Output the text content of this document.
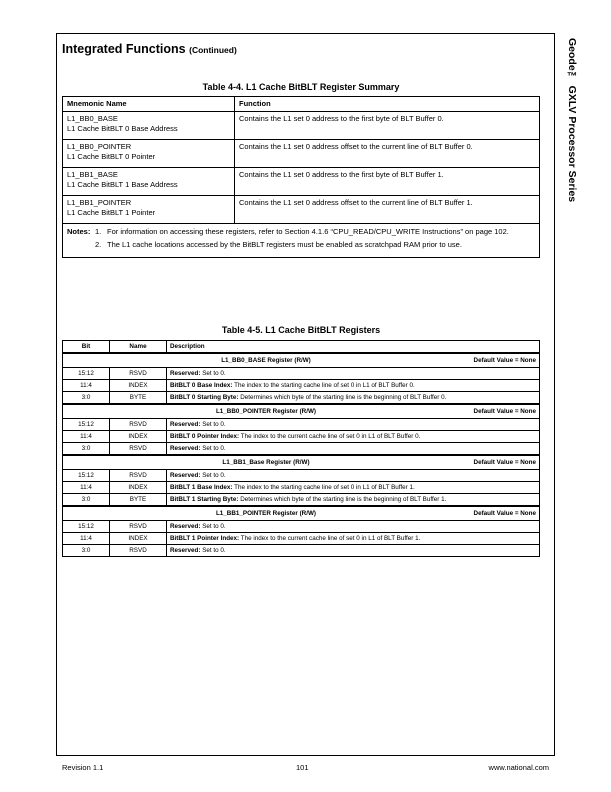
Integrated Functions (Continued)	Geode™ GXLV Processor Series
Table 4-4. L1 Cache BitBLT Register Summary
Mnemonic Name	Function

L1_BB0_BASE
L1 Cache BitBLT 0 Base Address	Contains the L1 set 0 address to the first byte of BLT Buffer 0.

L1_BB0_POINTER
L1 Cache BitBLT 0 Pointer	Contains the L1 set 0 address offset to the current line of BLT Buffer 0.

L1_BB1_BASE
L1 Cache BitBLT 1 Base Address	Contains the L1 set 0 address to the first byte of BLT Buffer 1.

L1_BB1_POINTER
L1 Cache BitBLT 1 Pointer	Contains the L1 set 0 address offset to the current line of BLT Buffer 1.

Notes: 1. For information on accessing these registers, refer to Section 4.1.6 “CPU_READ/CPU_WRITE Instructions” on page 102.
2. The L1 cache locations accessed by the BitBLT registers must be enabled as scratchpad RAM prior to use.	
Table 4-5. L1 Cache BitBLT Registers
Bit	Name	Description
L1_BB0_BASE Register (R/W) Default Value = None		

15:12	RSVD	Reserved: Set to 0.
11:4	INDEX	BitBLT 0 Base Index: The index to the starting cache line of set 0 in L1 of BLT Buffer 0.
3:0	BYTE	BitBLT 0 Starting Byte: Determines which byte of the starting line is the beginning of BLT Buffer 0.
L1_BB0_POINTER Register (R/W) Default Value = None		

15:12	RSVD	Reserved: Set to 0.
11:4	INDEX	BitBLT 0 Pointer Index: The index to the current cache line of set 0 in L1 of BLT Buffer 0.
3:0	RSVD	Reserved: Set to 0.
L1_BB1_Base Register (R/W) Default Value = None		

15:12	RSVD	Reserved: Set to 0.
11:4	INDEX	BitBLT 1 Base Index: The index to the starting cache line of set 0 in L1 of BLT Buffer 1.
3:0	BYTE	BitBLT 1 Starting Byte: Determines which byte of the starting line is the beginning of BLT Buffer 1.
L1_BB1_POINTER Register (R/W) Default Value = None		

15:12	RSVD	Reserved: Set to 0.
11:4	INDEX	BitBLT 1 Pointer Index: The index to the current cache line of set 0 in L1 of BLT Buffer 1.
3:0	RSVD	Reserved: Set to 0.
Revision 1.1	101	www.national.com
